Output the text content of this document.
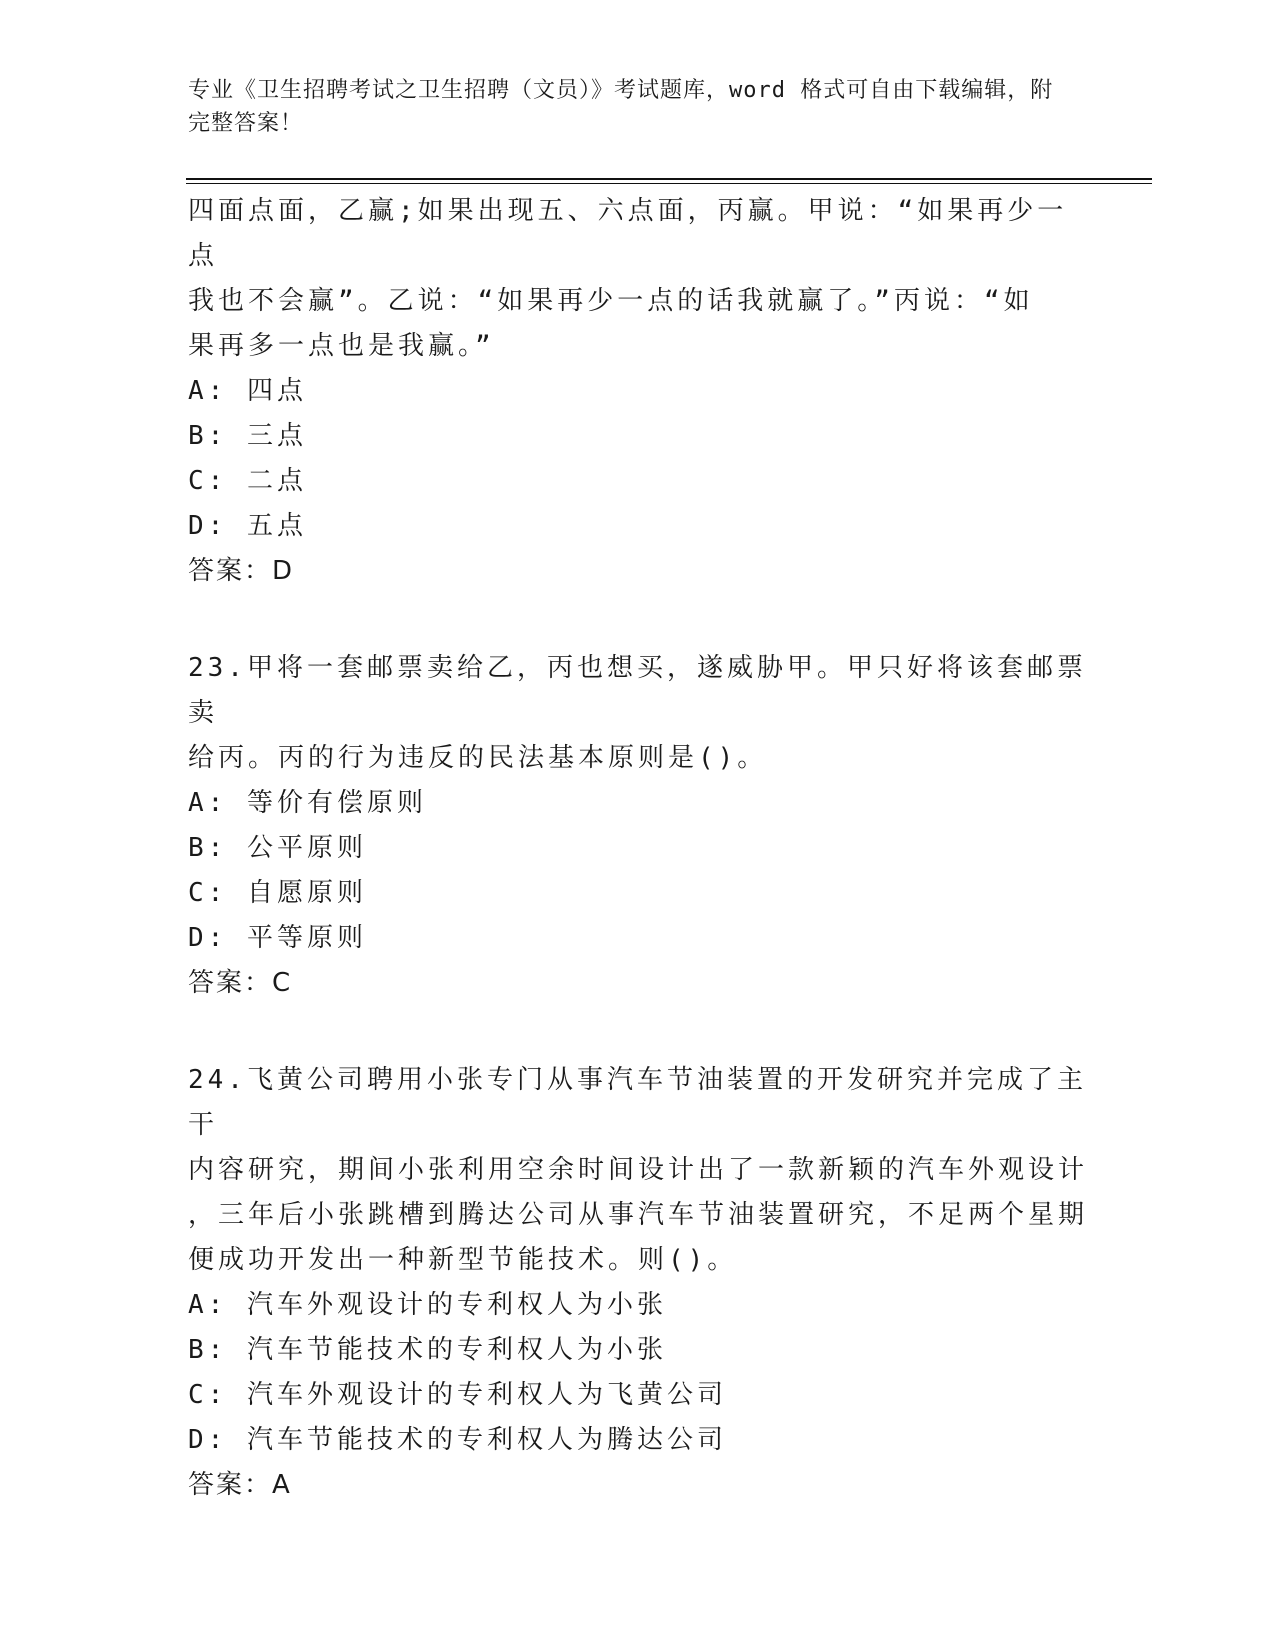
专业《卫生招聘考试之卫生招聘（文员）》考试题库，word 格式可自由下载编辑，附完整答案！
四面点面，乙赢;如果出现五、六点面，丙赢。甲说：“如果再少一点
我也不会赢”。乙说：“如果再少一点的话我就赢了。”丙说：“如
果再多一点也是我赢。”
A: 四点
B: 三点
C: 二点
D: 五点
答案：D
23.甲将一套邮票卖给乙，丙也想买，遂威胁甲。甲只好将该套邮票卖
给丙。丙的行为违反的民法基本原则是()。
A: 等价有偿原则
B: 公平原则
C: 自愿原则
D: 平等原则
答案：C
24.飞黄公司聘用小张专门从事汽车节油装置的开发研究并完成了主干
内容研究，期间小张利用空余时间设计出了一款新颖的汽车外观设计
，三年后小张跳槽到腾达公司从事汽车节油装置研究，不足两个星期
便成功开发出一种新型节能技术。则()。
A: 汽车外观设计的专利权人为小张
B: 汽车节能技术的专利权人为小张
C: 汽车外观设计的专利权人为飞黄公司
D: 汽车节能技术的专利权人为腾达公司
答案：A
